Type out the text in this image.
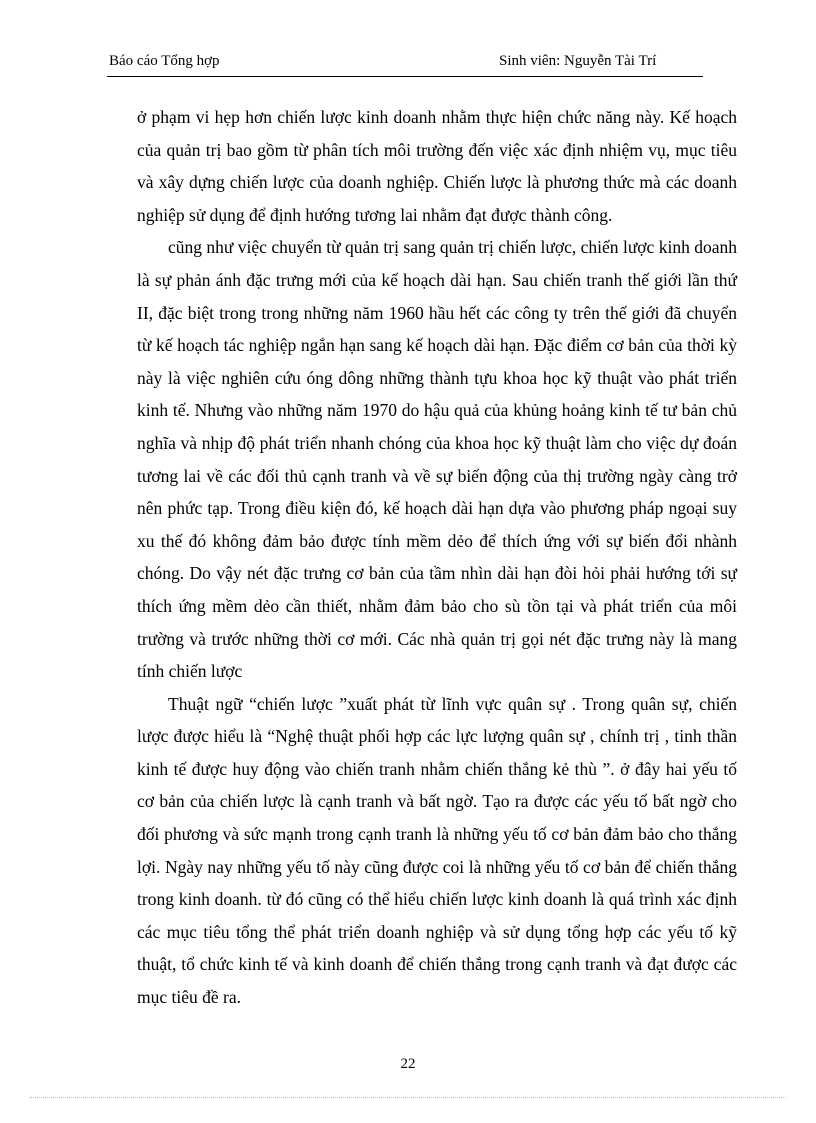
Báo cáo Tổng hợp	Sinh viên: Nguyễn Tài Trí

ở phạm vi hẹp hơn chiến lược kinh doanh nhằm thực hiện chức năng này. Kế hoạch của quản trị bao gồm từ phân tích môi trường đến việc xác định nhiệm vụ, mục tiêu và xây dựng chiến lược của doanh nghiệp. Chiến lược là phương thức mà các doanh nghiệp sử dụng để định hướng tương lai nhằm đạt được thành công.

cũng như việc chuyển từ quản trị sang quản trị chiến lược, chiến lược kinh doanh là sự phản ánh đặc trưng mới của kế hoạch dài hạn. Sau chiến tranh thế giới lần thứ II, đặc biệt trong trong những năm 1960 hầu hết các công ty trên thế giới đã chuyển từ kế hoạch tác nghiệp ngắn hạn sang kế hoạch dài hạn. Đặc điểm cơ bản của thời kỳ này là việc nghiên cứu óng dông những thành tựu khoa học kỹ thuật vào phát triển kinh tế. Nhưng vào những năm 1970 do hậu quả của khủng hoảng kinh tế tư bản chủ nghĩa và nhịp độ phát triển nhanh chóng của khoa học kỹ thuật làm cho việc dự đoán tương lai về các đối thủ cạnh tranh và về sự biến động của thị trường ngày càng trở nên phức tạp. Trong điều kiện đó, kế hoạch dài hạn dựa vào phương pháp ngoại suy xu thế đó không đảm bảo được tính mềm dẻo để thích ứng với sự biến đổi nhành chóng. Do vậy nét đặc trưng cơ bản của tầm nhìn dài hạn đòi hỏi phải hướng tới sự thích ứng mềm dẻo cần thiết, nhằm đảm bảo cho sù tồn tại và phát triển của môi trường và trước những thời cơ mới. Các nhà quản trị gọi nét đặc trưng này là mang tính chiến lược

Thuật ngữ “chiến lược ”xuất phát từ lĩnh vực quân sự . Trong quân sự, chiến lược được hiểu là “Nghệ thuật phối hợp các lực lượng quân sự , chính trị , tinh thần kinh tế được huy động vào chiến tranh nhằm chiến thắng kẻ thù ”. ở đây hai yếu tố cơ bản của chiến lược là cạnh tranh và bất ngờ. Tạo ra được các yếu tố bất ngờ cho đối phương và sức mạnh trong cạnh tranh là những yếu tố cơ bản đảm bảo cho thắng lợi. Ngày nay những yếu tố này cũng được coi là những yếu tố cơ bản để chiến thắng trong kinh doanh. từ đó cũng có thể hiểu chiến lược kinh doanh là quá trình xác định các mục tiêu tổng thể phát triển doanh nghiệp và sử dụng tổng hợp các yếu tố kỹ thuật, tổ chức kinh tế và kinh doanh để chiến thắng trong cạnh tranh và đạt được các mục tiêu đề ra.

22
